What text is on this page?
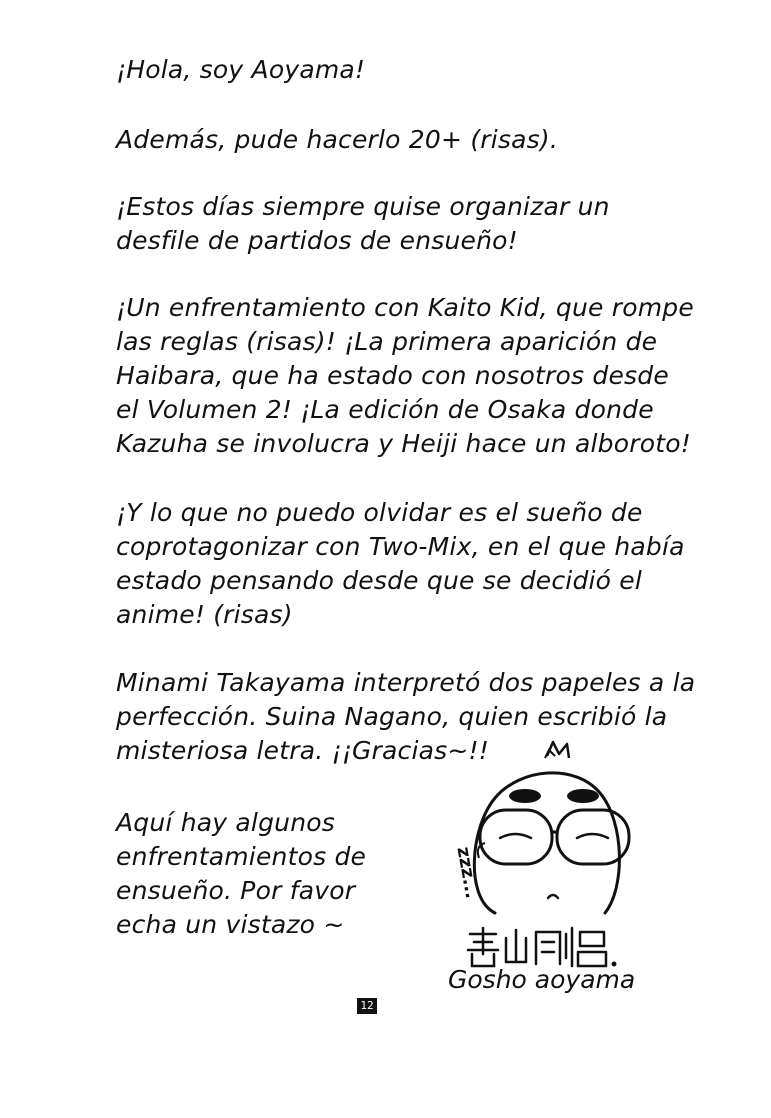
¡Hola, soy Aoyama!
Además, pude hacerlo 20+ (risas).
¡Estos días siempre quise organizar un
desfile de partidos de ensueño!
¡Un enfrentamiento con Kaito Kid, que rompe
las reglas (risas)! ¡La primera aparición de
Haibara, que ha estado con nosotros desde
el Volumen 2! ¡La edición de Osaka donde
Kazuha se involucra y Heiji hace un alboroto!
¡Y lo que no puedo olvidar es el sueño de
coprotagonizar con Two-Mix, en el que había
estado pensando desde que se decidió el
anime! (risas)
Minami Takayama interpretó dos papeles a la
perfección. Suina Nagano, quien escribió la
misteriosa letra. ¡¡Gracias~!!
Aquí hay algunos
enfrentamientos de
ensueño. Por favor
echa un vistazo ~
zzz...
Gosho aoyama
12
